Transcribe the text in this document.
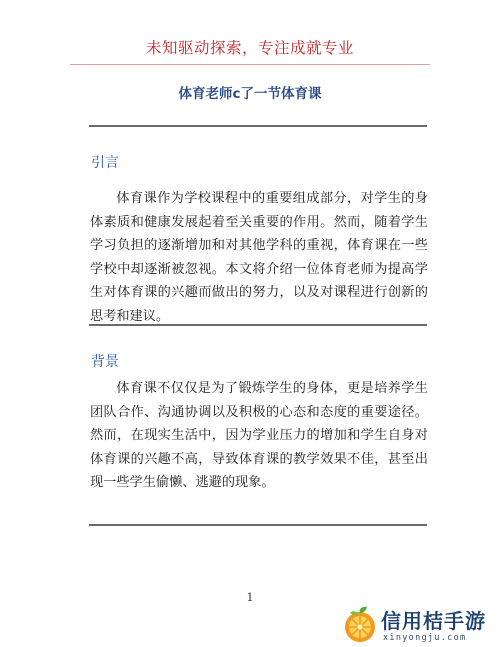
未知驱动探索，专注成就专业
体育老师c了一节体育课
引言

体育课作为学校课程中的重要组成部分，对学生的身体素质和健康发展起着至关重要的作用。然而，随着学生学习负担的逐渐增加和对其他学科的重视，体育课在一些学校中却逐渐被忽视。本文将介绍一位体育老师为提高学生对体育课的兴趣而做出的努力，以及对课程进行创新的思考和建议。

背景

体育课不仅仅是为了锻炼学生的身体，更是培养学生团队合作、沟通协调以及积极的心态和态度的重要途径。然而，在现实生活中，因为学业压力的增加和学生自身对体育课的兴趣不高，导致体育课的教学效果不佳，甚至出现一些学生偷懒、逃避的现象。

1
信用桔手游
xinyongju.com
